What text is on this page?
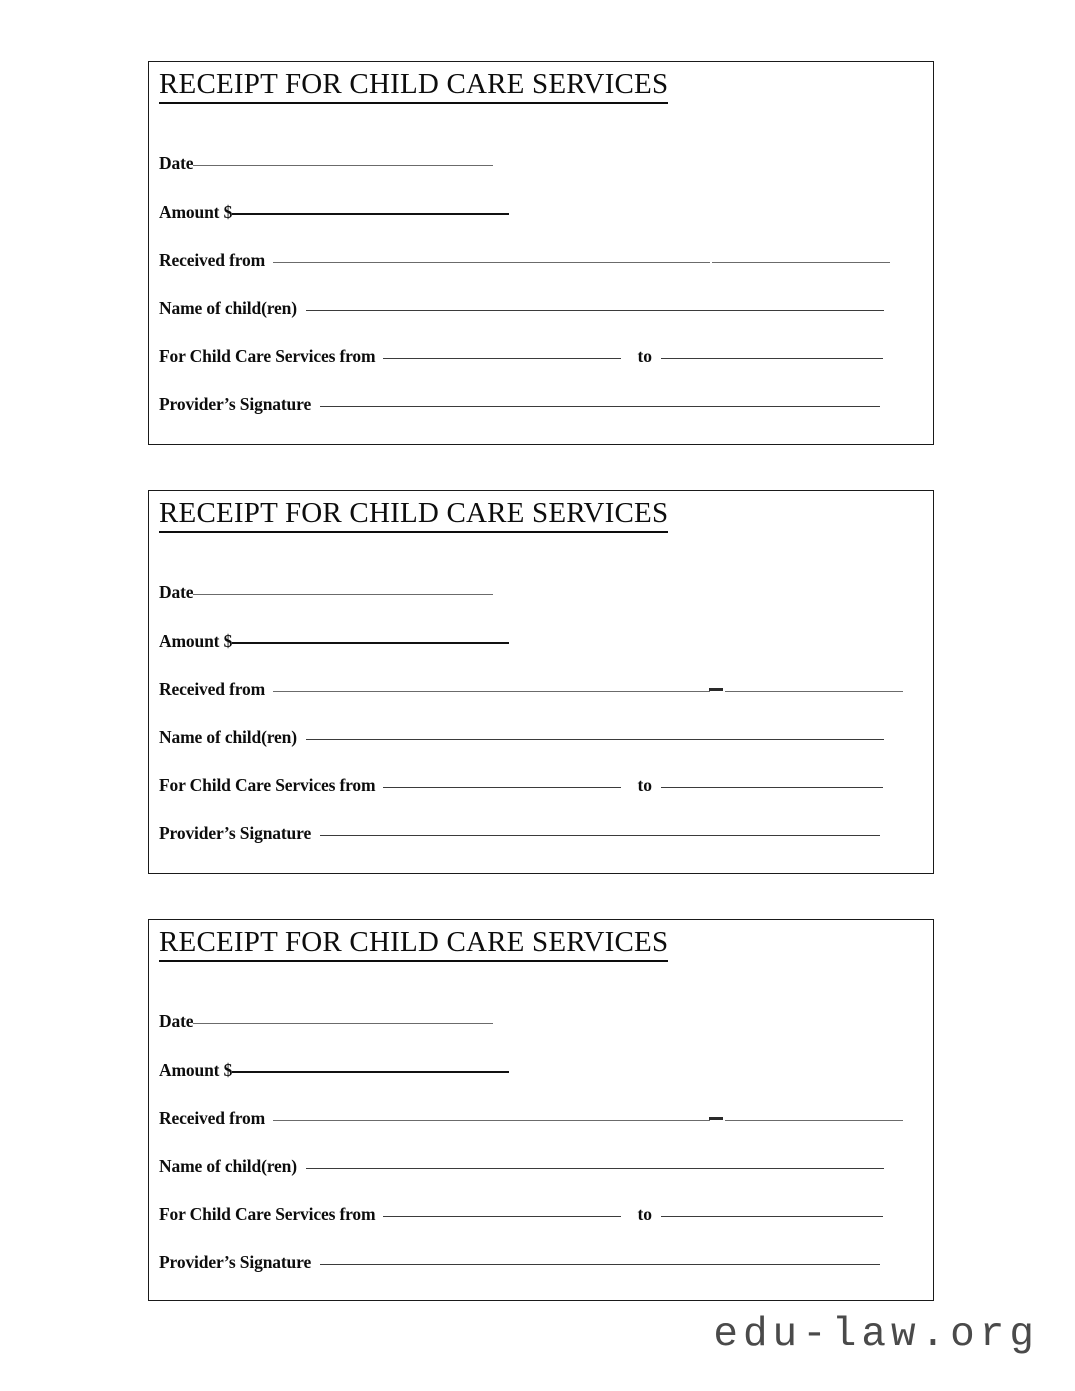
RECEIPT FOR CHILD CARE SERVICES
Date
Amount $
Received from
Name of child(ren)
For Child Care Services from	to
Provider’s Signature
RECEIPT FOR CHILD CARE SERVICES
Date
Amount $
Received from
Name of child(ren)
For Child Care Services from	to
Provider’s Signature
RECEIPT FOR CHILD CARE SERVICES
Date
Amount $
Received from
Name of child(ren)
For Child Care Services from	to
Provider’s Signature
edu-law.org
